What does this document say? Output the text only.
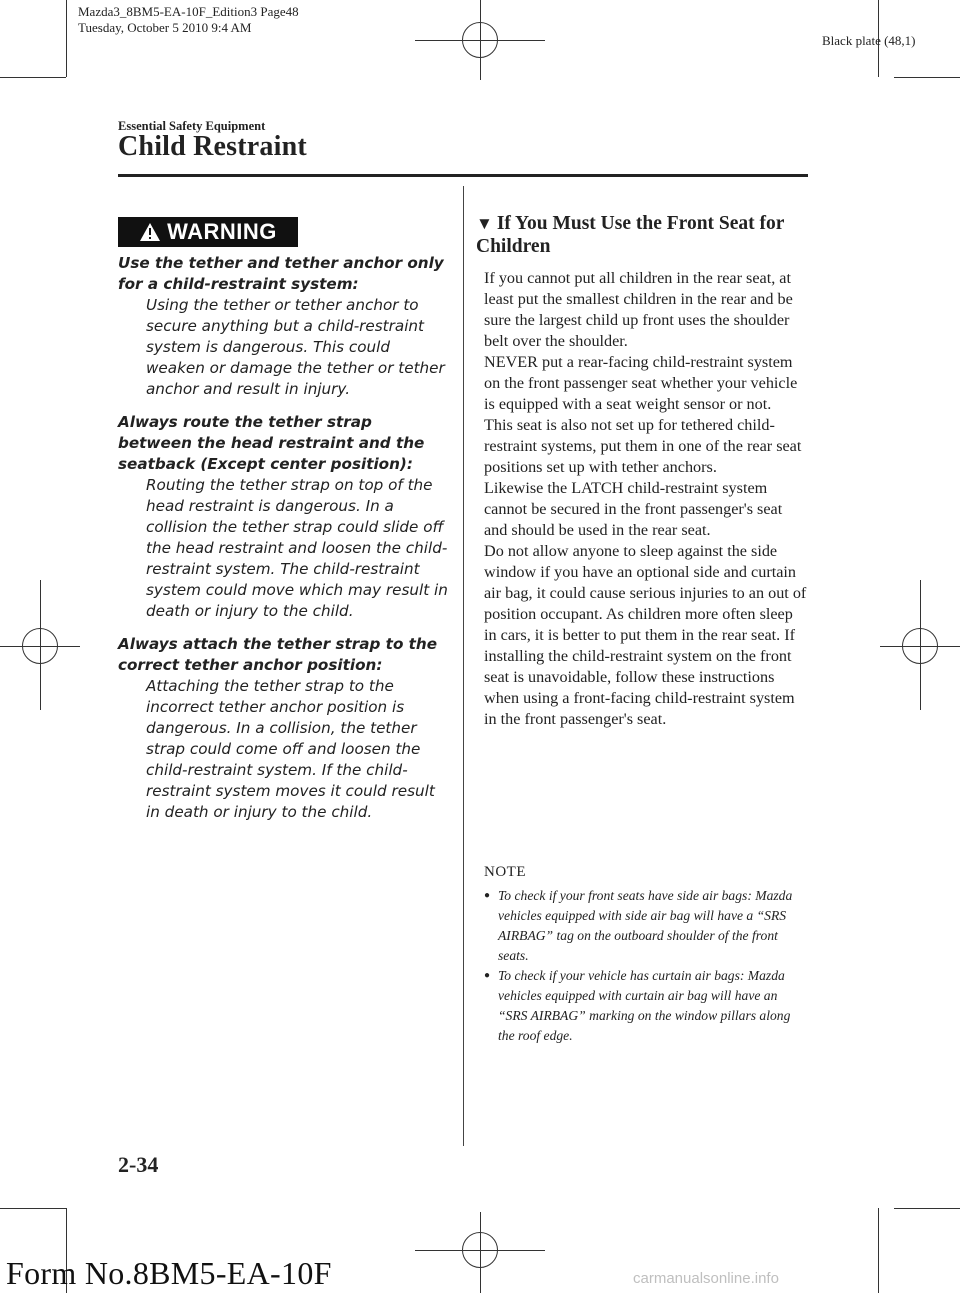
Mazda3_8BM5-EA-10F_Edition3 Page48
Tuesday, October 5 2010 9:4 AM
Black plate (48,1)
Essential Safety Equipment
Child Restraint
WARNING
Use the tether and tether anchor only for a child-restraint system:
Using the tether or tether anchor to secure anything but a child-restraint system is dangerous. This could weaken or damage the tether or tether anchor and result in injury.
Always route the tether strap between the head restraint and the seatback (Except center position):
Routing the tether strap on top of the head restraint is dangerous. In a collision the tether strap could slide off the head restraint and loosen the child-restraint system. The child-restraint system could move which may result in death or injury to the child.
Always attach the tether strap to the correct tether anchor position:
Attaching the tether strap to the incorrect tether anchor position is dangerous. In a collision, the tether strap could come off and loosen the child-restraint system. If the child-restraint system moves it could result in death or injury to the child.
▼ If You Must Use the Front Seat for Children

If you cannot put all children in the rear seat, at least put the smallest children in the rear and be sure the largest child up front uses the shoulder belt over the shoulder.

NEVER put a rear-facing child-restraint system on the front passenger seat whether your vehicle is equipped with a seat weight sensor or not.

This seat is also not set up for tethered child-restraint systems, put them in one of the rear seat positions set up with tether anchors.

Likewise the LATCH child-restraint system cannot be secured in the front passenger's seat and should be used in the rear seat.

Do not allow anyone to sleep against the side window if you have an optional side and curtain air bag, it could cause serious injuries to an out of position occupant. As children more often sleep in cars, it is better to put them in the rear seat. If installing the child-restraint system on the front seat is unavoidable, follow these instructions when using a front-facing child-restraint system in the front passenger's seat.

NOTE
● To check if your front seats have side air bags: Mazda vehicles equipped with side air bag will have a “SRS AIRBAG” tag on the outboard shoulder of the front seats.
● To check if your vehicle has curtain air bags: Mazda vehicles equipped with curtain air bag will have an “SRS AIRBAG” marking on the window pillars along the roof edge.
2-34
Form No.8BM5-EA-10F	carmanualsonline.info
